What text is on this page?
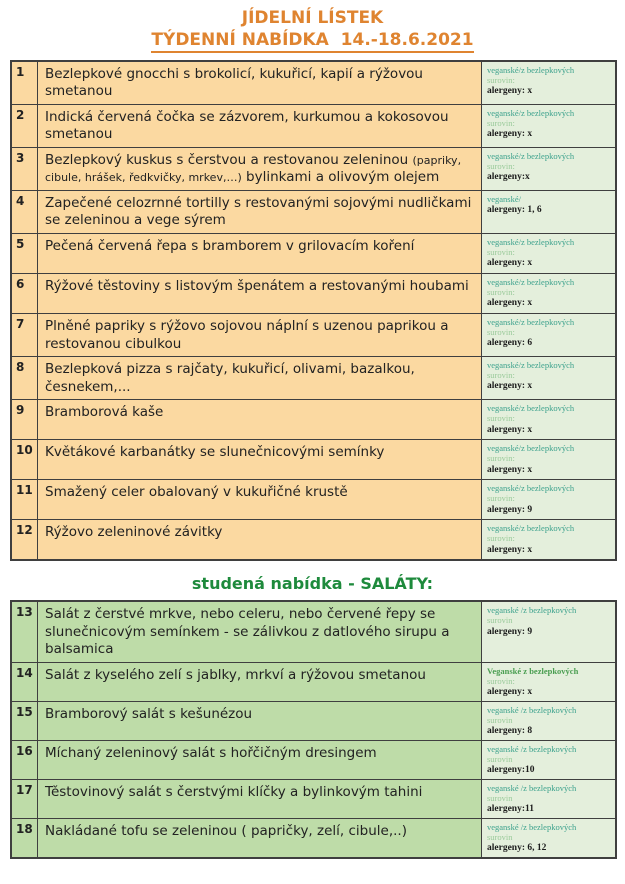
JÍDELNÍ LÍSTEK
TÝDENNÍ NABÍDKA  14.-18.6.2021
1	Bezlepkové gnocchi s brokolicí, kukuřicí, kapií a rýžovou smetanou
veganské/z bezlepkových
surovin:
alergeny: x
2	Indická červená čočka se zázvorem, kurkumou a kokosovou smetanou
veganské/z bezlepkových
surovin:
alergeny: x
3	Bezlepkový kuskus s čerstvou a restovanou zeleninou (papriky, cibule, hrášek, ředkvičky, mrkev,…) bylinkami a olivovým olejem
veganské/z bezlepkových
surovin:
alergeny:x
4	Zapečené celozrnné tortilly s restovanými sojovými nudličkami se zeleninou a vege sýrem
veganské/
alergeny: 1, 6
5	Pečená červená řepa s bramborem v grilovacím koření	veganské/z bezlepkových
surovin:
alergeny: x
6	Rýžové těstoviny s listovým špenátem a restovanými houbami	veganské/z bezlepkových
surovin:
alergeny: x
7	Plněné papriky s rýžovo sojovou náplní s uzenou paprikou a restovanou cibulkou
veganské/z bezlepkových
surovin:
alergeny: 6
8	Bezlepková pizza s rajčaty, kukuřicí, olivami, bazalkou, česnekem,...
veganské/z bezlepkových
surovin:
alergeny: x
9	Bramborová kaše	veganské/z bezlepkových
surovin:
alergeny: x
10 Květákové karbanátky se slunečnicovými semínky	veganské/z bezlepkových
surovin:
alergeny: x
11 Smažený celer obalovaný v kukuřičné krustě	veganské/z bezlepkových
surovin:
alergeny: 9
12 Rýžovo zeleninové závitky	veganské/z bezlepkových
surovin:
alergeny: x
studená nabídka - SALÁTY:
13 Salát z čerstvé mrkve, nebo celeru, nebo červené řepy se slunečnicovým semínkem - se zálivkou z datlového sirupu a balsamica
veganské /z bezlepkových
surovin
alergeny: 9
14 Salát z kyselého zelí s jablky, mrkví a rýžovou smetanou	Veganské z bezlepkových
surovin:
alergeny: x
15 Bramborový salát s kešunézou	veganské /z bezlepkových
surovin
alergeny: 8
16 Míchaný zeleninový salát s hořčičným dresingem	veganské /z bezlepkových
surovin
alergeny:10
17 Těstovinový salát s čerstvými klíčky a bylinkovým tahini	veganské /z bezlepkových
surovin
alergeny:11
18 Nakládané tofu se zeleninou ( papričky, zelí, cibule,..)	veganské /z bezlepkových
surovin
alergeny: 6, 12
